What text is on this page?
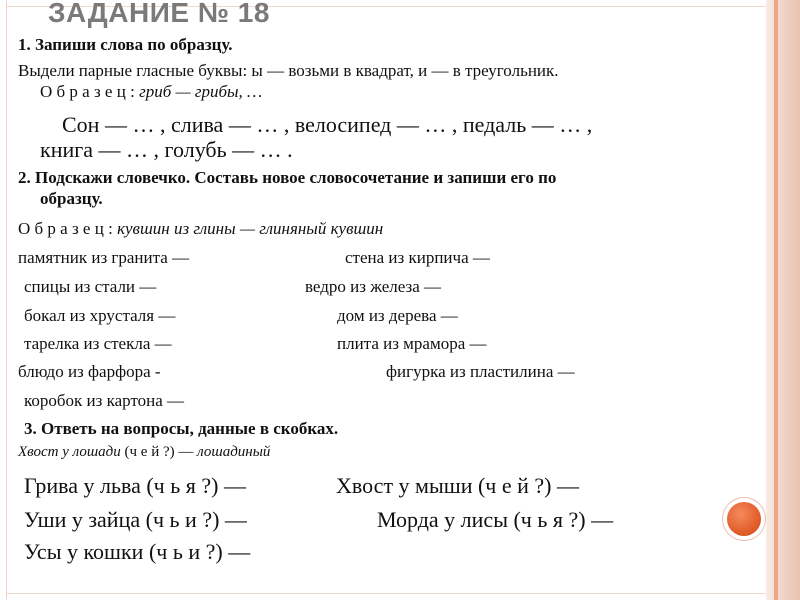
ЗАДАНИЕ № 18
1. Запиши слова по образцу.
Выдели парные гласные буквы: ы — возьми в квадрат, и — в треугольник.
О б р а з е ц : гриб — грибы, …
Сон — … , слива — … , велосипед — … , педаль — … ,
книга — … , голубь — … .
2. Подскажи словечко. Составь новое словосочетание и запиши его по
образцу.
О б р а з е ц : кувшин из глины — глиняный кувшин
памятник из гранита —	стена из кирпича —
спицы из стали —	ведро из железа —
бокал из хрусталя —	дом из дерева —
тарелка из стекла —	плита из мрамора —
блюдо из фарфора -	фигурка из пластилина —
коробок из картона —
3. Ответь на вопросы, данные в скобках.
Хвост у лошади (ч е й ?) — лошадиный
Грива у льва (ч ь я ?) —	Хвост у мыши (ч е й ?) —
Уши у зайца (ч ь и ?) —	Морда у лисы (ч ь я ?) —
Усы у кошки (ч ь и ?) —
